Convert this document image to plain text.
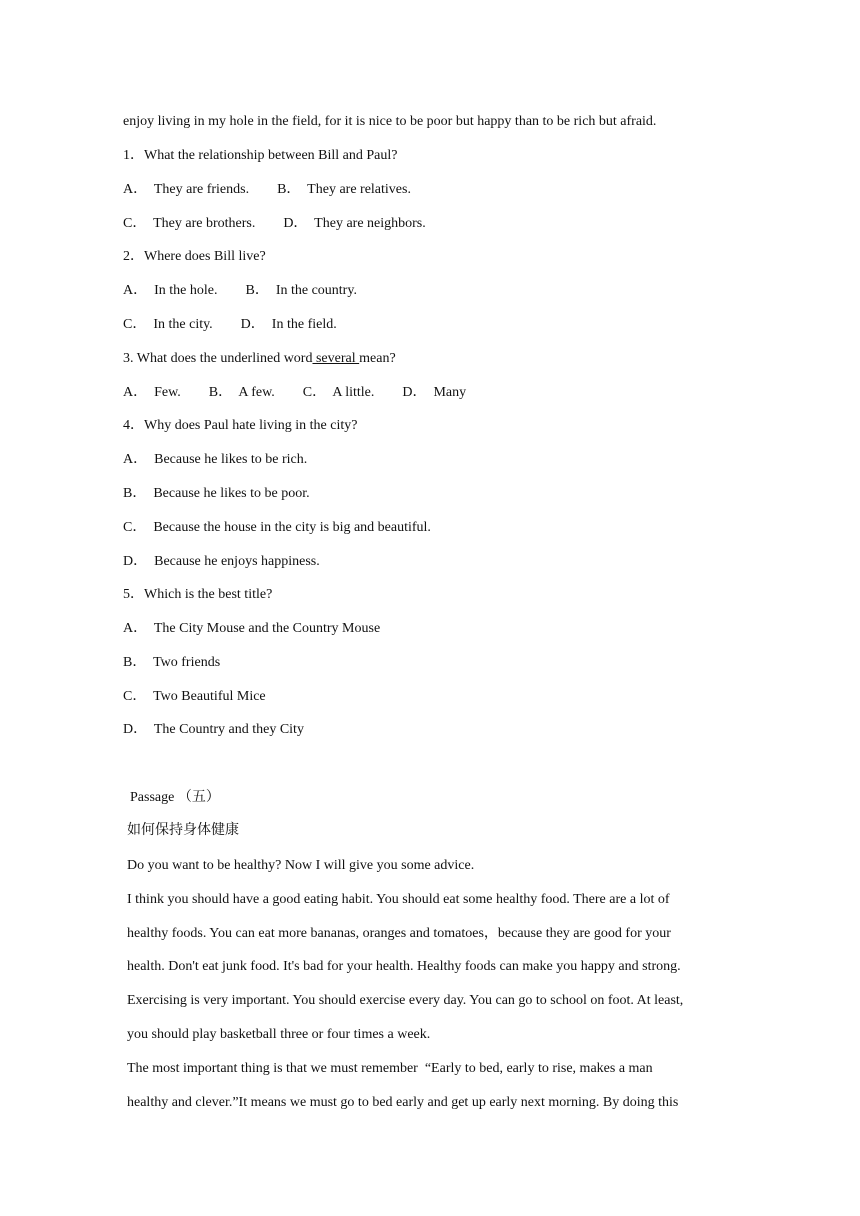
enjoy living in my hole in the field, for it is nice to be poor but happy than to be rich but afraid.
1．What the relationship between Bill and Paul?
A．  They are friends.        B．  They are relatives.
C．  They are brothers.        D．  They are neighbors.
2．Where does Bill live?
A．  In the hole.        B．  In the country.
C．  In the city.        D．  In the field.
3. What does the underlined word several mean?
A．  Few.        B．  A few.        C．  A little.        D．  Many
4．Why does Paul hate living in the city?
A．  Because he likes to be rich.
B．  Because he likes to be poor.
C．  Because the house in the city is big and beautiful.
D．  Because he enjoys happiness.
5．Which is the best title?
A．  The City Mouse and the Country Mouse
B．  Two friends
C．  Two Beautiful Mice
D．  The Country and they City
Passage （五）
如何保持身体健康
Do you want to be healthy? Now I will give you some advice.
I think you should have a good eating habit. You should eat some healthy food. There are a lot of
healthy foods. You can eat more bananas, oranges and tomatoes，because they are good for your
health. Don't eat junk food. It's bad for your health. Healthy foods can make you happy and strong.
Exercising is very important. You should exercise every day. You can go to school on foot. At least,
you should play basketball three or four times a week.
The most important thing is that we must remember  “Early to bed, early to rise, makes a man
healthy and clever.”It means we must go to bed early and get up early next morning. By doing this
